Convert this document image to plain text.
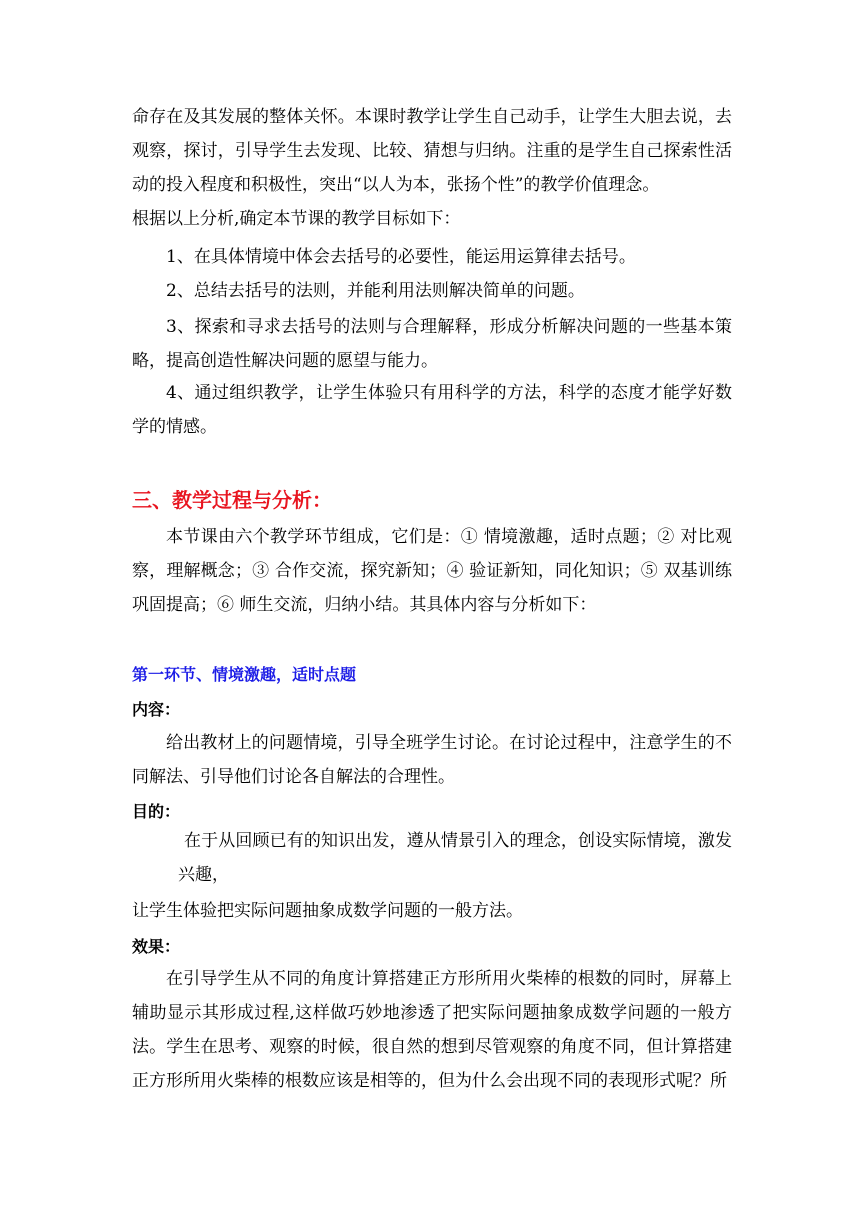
命存在及其发展的整体关怀。本课时教学让学生自己动手，让学生大胆去说，去观察，探讨，引导学生去发现、比较、猜想与归纳。注重的是学生自己探索性活动的投入程度和积极性，突出“以人为本，张扬个性”的教学价值理念。

根据以上分析,确定本节课的教学目标如下：

1、在具体情境中体会去括号的必要性，能运用运算律去括号。

2、总结去括号的法则，并能利用法则解决简单的问题。

3、探索和寻求去括号的法则与合理解释，形成分析解决问题的一些基本策略，提高创造性解决问题的愿望与能力。

4、通过组织教学，让学生体验只有用科学的方法，科学的态度才能学好数学的情感。

三、教学过程与分析：

本节课由六个教学环节组成，它们是：① 情境激趣，适时点题；② 对比观察，理解概念；③ 合作交流，探究新知；④ 验证新知，同化知识；⑤ 双基训练 巩固提高；⑥ 师生交流，归纳小结。其具体内容与分析如下：

第一环节、情境激趣，适时点题
内容：

给出教材上的问题情境，引导全班学生讨论。在讨论过程中，注意学生的不同解法、引导他们讨论各自解法的合理性。

目的：

在于从回顾已有的知识出发，遵从情景引入的理念，创设实际情境，激发兴趣，

让学生体验把实际问题抽象成数学问题的一般方法。

效果：

在引导学生从不同的角度计算搭建正方形所用火柴棒的根数的同时，屏幕上辅助显示其形成过程,这样做巧妙地渗透了把实际问题抽象成数学问题的一般方法。学生在思考、观察的时候，很自然的想到尽管观察的角度不同，但计算搭建正方形所用火柴棒的根数应该是相等的，但为什么会出现不同的表现形式呢？所
